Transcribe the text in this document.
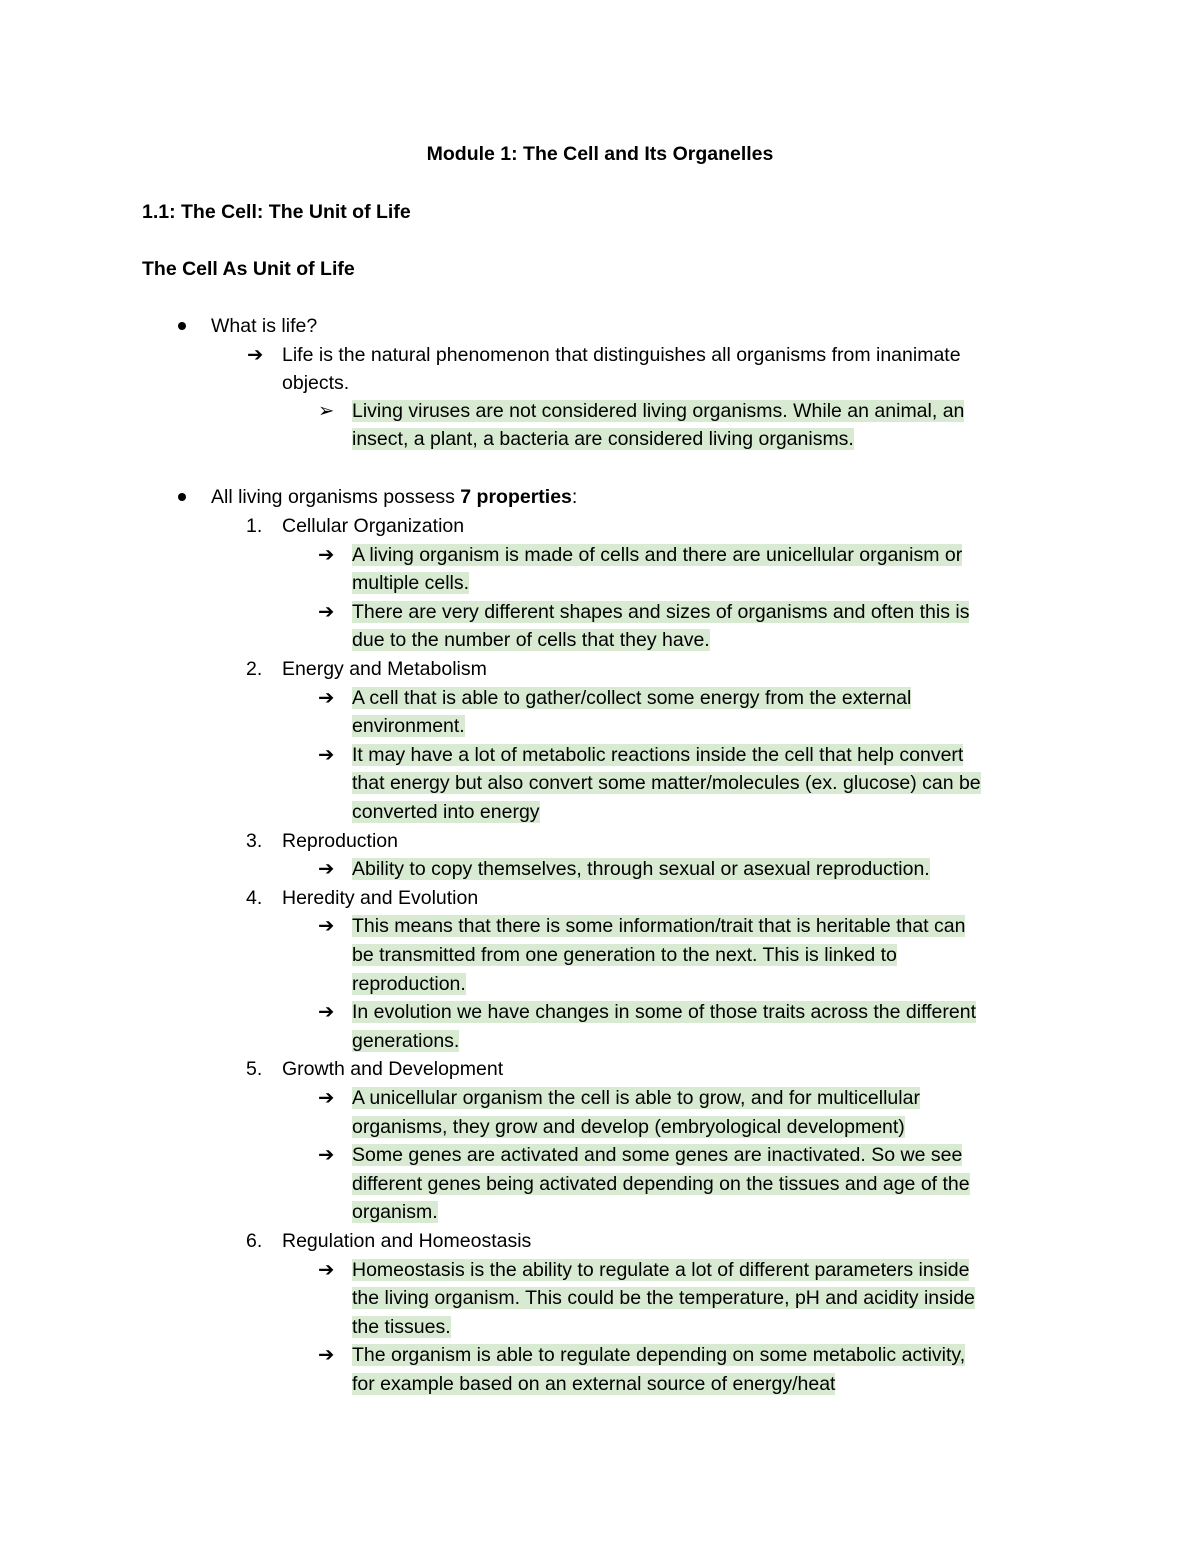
Module 1: The Cell and Its Organelles
1.1: The Cell: The Unit of Life
The Cell As Unit of Life
What is life?
➔ Life is the natural phenomenon that distinguishes all organisms from inanimate
objects.
➢ Living viruses are not considered living organisms. While an animal, an
insect, a plant, a bacteria are considered living organisms.
All living organisms possess 7 properties:
1. Cellular Organization
➔ A living organism is made of cells and there are unicellular organism or
multiple cells.
➔ There are very different shapes and sizes of organisms and often this is
due to the number of cells that they have.
2. Energy and Metabolism
➔ A cell that is able to gather/collect some energy from the external
environment.
➔ It may have a lot of metabolic reactions inside the cell that help convert
that energy but also convert some matter/molecules (ex. glucose) can be
converted into energy
3. Reproduction
➔ Ability to copy themselves, through sexual or asexual reproduction.
4. Heredity and Evolution
➔ This means that there is some information/trait that is heritable that can
be transmitted from one generation to the next. This is linked to
reproduction.
➔ In evolution we have changes in some of those traits across the different
generations.
5. Growth and Development
➔ A unicellular organism the cell is able to grow, and for multicellular
organisms, they grow and develop (embryological development)
➔ Some genes are activated and some genes are inactivated. So we see
different genes being activated depending on the tissues and age of the
organism.
6. Regulation and Homeostasis
➔ Homeostasis is the ability to regulate a lot of different parameters inside
the living organism. This could be the temperature, pH and acidity inside
the tissues.
➔ The organism is able to regulate depending on some metabolic activity,
for example based on an external source of energy/heat
